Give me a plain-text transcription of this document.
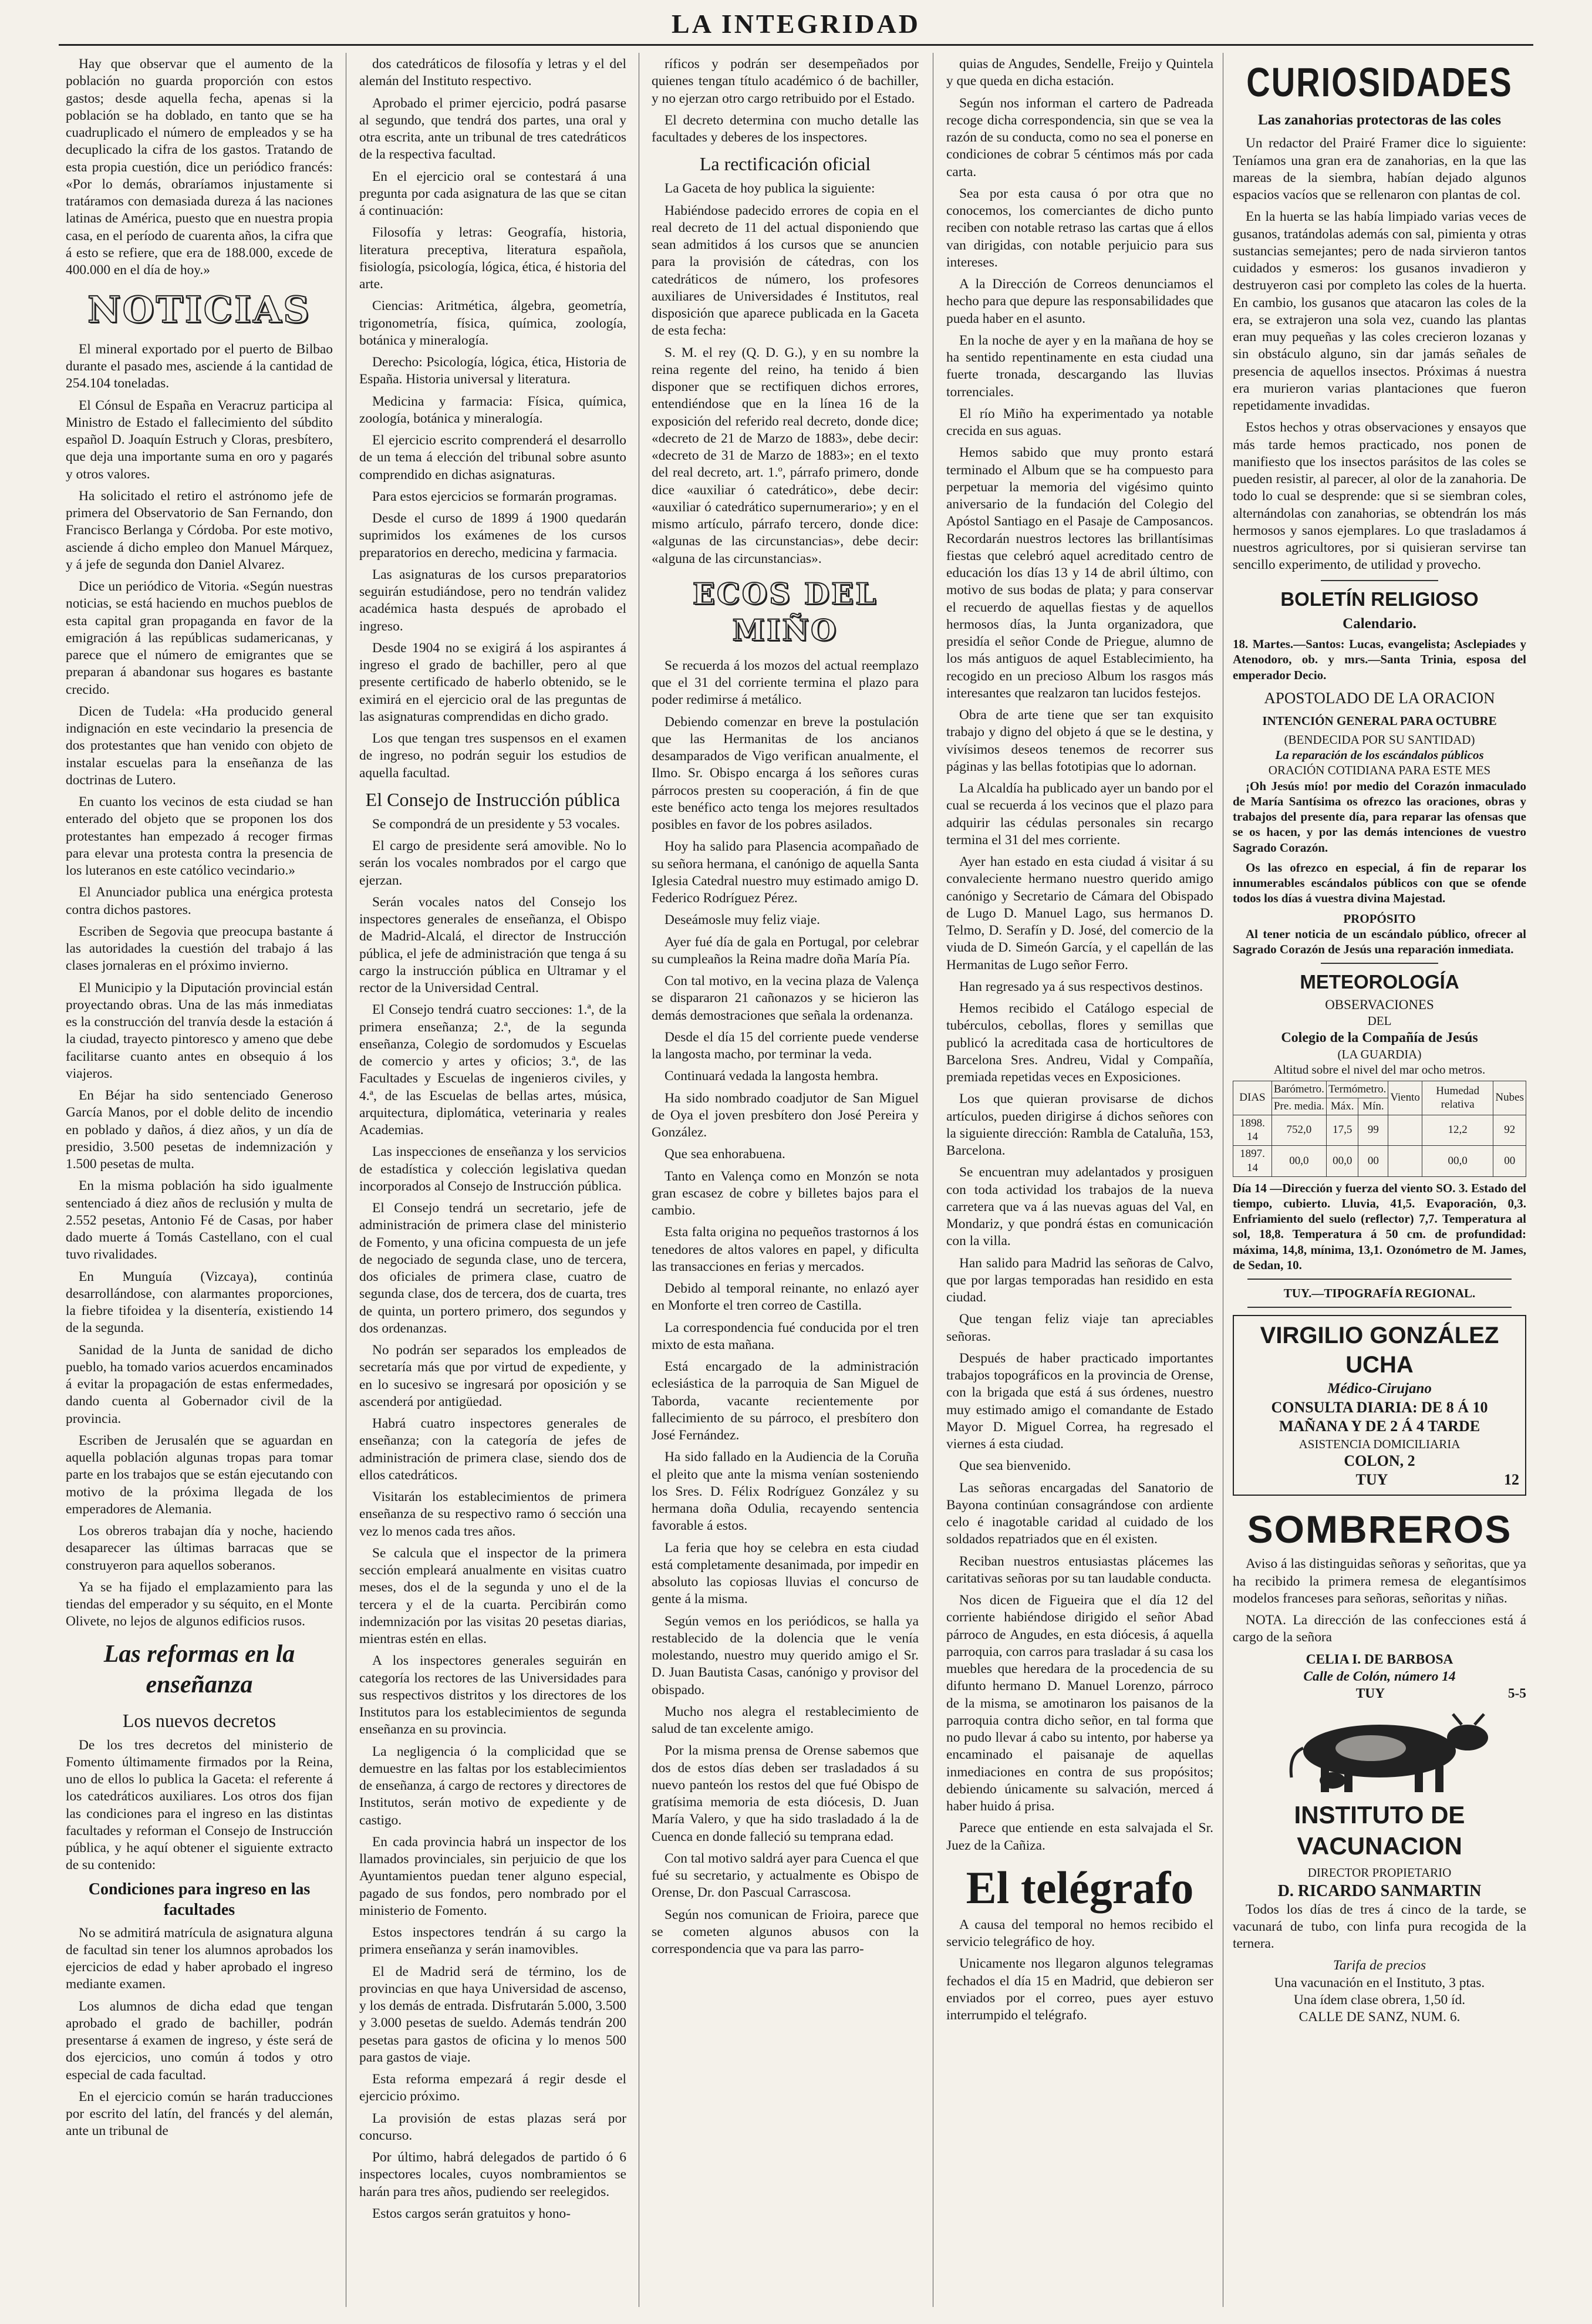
LA INTEGRIDAD

Hay que observar que el aumento de la población no guarda proporción con estos gastos; desde aquella fecha, apenas si la población se ha doblado, en tanto que se ha cuadruplicado el número de empleados y se ha decuplicado la cifra de los gastos. Tratando de esta propia cuestión, dice un periódico francés: «Por lo demás, obraríamos injustamente si tratáramos con demasiada dureza á las naciones latinas de América, puesto que en nuestra propia casa, en el período de cuarenta años, la cifra que á esto se refiere, que era de 188.000, excede de 400.000 en el día de hoy.»

NOTICIAS

El mineral exportado por el puerto de Bilbao durante el pasado mes, asciende á la cantidad de 254.104 toneladas.

El Cónsul de España en Veracruz participa al Ministro de Estado el fallecimiento del súbdito español D. Joaquín Estruch y Cloras, presbítero, que deja una importante suma en oro y pagarés y otros valores.

Ha solicitado el retiro el astrónomo jefe de primera del Observatorio de San Fernando, don Francisco Berlanga y Córdoba. Por este motivo, asciende á dicho empleo don Manuel Márquez, y á jefe de segunda don Daniel Alvarez.

Dice un periódico de Vitoria. «Según nuestras noticias, se está haciendo en muchos pueblos de esta capital gran propaganda en favor de la emigración á las repúblicas sudamericanas, y parece que el número de emigrantes que se preparan á abandonar sus hogares es bastante crecido.

Dicen de Tudela: «Ha producido general indignación en este vecindario la presencia de dos protestantes que han venido con objeto de instalar escuelas para la enseñanza de las doctrinas de Lutero.

En cuanto los vecinos de esta ciudad se han enterado del objeto que se proponen los dos protestantes han empezado á recoger firmas para elevar una protesta contra la presencia de los luteranos en este católico vecindario.»

El Anunciador publica una enérgica protesta contra dichos pastores.

Escriben de Segovia que preocupa bastante á las autoridades la cuestión del trabajo á las clases jornaleras en el próximo invierno.

El Municipio y la Diputación provincial están proyectando obras. Una de las más inmediatas es la construcción del tranvía desde la estación á la ciudad, trayecto pintoresco y ameno que debe facilitarse cuanto antes en obsequio á los viajeros.

En Béjar ha sido sentenciado Generoso García Manos, por el doble delito de incendio en poblado y daños, á diez años, y un día de presidio, 3.500 pesetas de indemnización y 1.500 pesetas de multa.

En la misma población ha sido igualmente sentenciado á diez años de reclusión y multa de 2.552 pesetas, Antonio Fé de Casas, por haber dado muerte á Tomás Castellano, con el cual tuvo rivalidades.

En Munguía (Vizcaya), continúa desarrollándose, con alarmantes proporciones, la fiebre tifoidea y la disentería, existiendo 14 de la segunda.

Sanidad de la Junta de sanidad de dicho pueblo, ha tomado varios acuerdos encaminados á evitar la propagación de estas enfermedades, dando cuenta al Gobernador civil de la provincia.

Escriben de Jerusalén que se aguardan en aquella población algunas tropas para tomar parte en los trabajos que se están ejecutando con motivo de la próxima llegada de los emperadores de Alemania.

Los obreros trabajan día y noche, haciendo desaparecer las últimas barracas que se construyeron para aquellos soberanos.

Ya se ha fijado el emplazamiento para las tiendas del emperador y su séquito, en el Monte Olivete, no lejos de algunos edificios rusos.

Las reformas en la enseñanza
Los nuevos decretos

De los tres decretos del ministerio de Fomento últimamente firmados por la Reina, uno de ellos lo publica la Gaceta: el referente á los catedráticos auxiliares. Los otros dos fijan las condiciones para el ingreso en las distintas facultades y reforman el Consejo de Instrucción pública, y he aquí obtener el siguiente extracto de su contenido:

Condiciones para ingreso en las facultades

No se admitirá matrícula de asignatura alguna de facultad sin tener los alumnos aprobados los ejercicios de edad y haber aprobado el ingreso mediante examen.

Los alumnos de dicha edad que tengan aprobado el grado de bachiller, podrán presentarse á examen de ingreso, y éste será de dos ejercicios, uno común á todos y otro especial de cada facultad.

En el ejercicio común se harán traducciones por escrito del latín, del francés y del alemán, ante un tribunal de

dos catedráticos de filosofía y letras y el del alemán del Instituto respectivo.

Aprobado el primer ejercicio, podrá pasarse al segundo, que tendrá dos partes, una oral y otra escrita, ante un tribunal de tres catedráticos de la respectiva facultad.

En el ejercicio oral se contestará á una pregunta por cada asignatura de las que se citan á continuación:

Filosofía y letras: Geografía, historia, literatura preceptiva, literatura española, fisiología, psicología, lógica, ética, é historia del arte.

Ciencias: Aritmética, álgebra, geometría, trigonometría, física, química, zoología, botánica y mineralogía.

Derecho: Psicología, lógica, ética, Historia de España. Historia universal y literatura.

Medicina y farmacia: Física, química, zoología, botánica y mineralogía.

El ejercicio escrito comprenderá el desarrollo de un tema á elección del tribunal sobre asunto comprendido en dichas asignaturas.

Para estos ejercicios se formarán programas.

Desde el curso de 1899 á 1900 quedarán suprimidos los exámenes de los cursos preparatorios en derecho, medicina y farmacia.

Las asignaturas de los cursos preparatorios seguirán estudiándose, pero no tendrán validez académica hasta después de aprobado el ingreso.

Desde 1904 no se exigirá á los aspirantes á ingreso el grado de bachiller, pero al que presente certificado de haberlo obtenido, se le eximirá en el ejercicio oral de las preguntas de las asignaturas comprendidas en dicho grado.

Los que tengan tres suspensos en el examen de ingreso, no podrán seguir los estudios de aquella facultad.

El Consejo de Instrucción pública

Se compondrá de un presidente y 53 vocales.

El cargo de presidente será amovible. No lo serán los vocales nombrados por el cargo que ejerzan.

Serán vocales natos del Consejo los inspectores generales de enseñanza, el Obispo de Madrid-Alcalá, el director de Instrucción pública, el jefe de administración que tenga á su cargo la instrucción pública en Ultramar y el rector de la Universidad Central.

El Consejo tendrá cuatro secciones: 1.ª, de la primera enseñanza; 2.ª, de la segunda enseñanza, Colegio de sordomudos y Escuelas de comercio y artes y oficios; 3.ª, de las Facultades y Escuelas de ingenieros civiles, y 4.ª, de las Escuelas de bellas artes, música, arquitectura, diplomática, veterinaria y reales Academias.

Las inspecciones de enseñanza y los servicios de estadística y colección legislativa quedan incorporados al Consejo de Instrucción pública.

El Consejo tendrá un secretario, jefe de administración de primera clase del ministerio de Fomento, y una oficina compuesta de un jefe de negociado de segunda clase, uno de tercera, dos oficiales de primera clase, cuatro de segunda clase, dos de tercera, dos de cuarta, tres de quinta, un portero primero, dos segundos y dos ordenanzas.

No podrán ser separados los empleados de secretaría más que por virtud de expediente, y en lo sucesivo se ingresará por oposición y se ascenderá por antigüedad.

Habrá cuatro inspectores generales de enseñanza; con la categoría de jefes de administración de primera clase, siendo dos de ellos catedráticos.

Visitarán los establecimientos de primera enseñanza de su respectivo ramo ó sección una vez lo menos cada tres años.

Se calcula que el inspector de la primera sección empleará anualmente en visitas cuatro meses, dos el de la segunda y uno el de la tercera y el de la cuarta. Percibirán como indemnización por las visitas 20 pesetas diarias, mientras estén en ellas.

A los inspectores generales seguirán en categoría los rectores de las Universidades para sus respectivos distritos y los directores de los Institutos para los establecimientos de segunda enseñanza en su provincia.

La negligencia ó la complicidad que se demuestre en las faltas por los establecimientos de enseñanza, á cargo de rectores y directores de Institutos, serán motivo de expediente y de castigo.

En cada provincia habrá un inspector de los llamados provinciales, sin perjuicio de que los Ayuntamientos puedan tener alguno especial, pagado de sus fondos, pero nombrado por el ministerio de Fomento.

Estos inspectores tendrán á su cargo la primera enseñanza y serán inamovibles.

El de Madrid será de término, los de provincias en que haya Universidad de ascenso, y los demás de entrada. Disfrutarán 5.000, 3.500 y 3.000 pesetas de sueldo. Además tendrán 200 pesetas para gastos de oficina y lo menos 500 para gastos de viaje.

Esta reforma empezará á regir desde el ejercicio próximo.

La provisión de estas plazas será por concurso.

Por último, habrá delegados de partido ó 6 inspectores locales, cuyos nombramientos se harán para tres años, pudiendo ser reelegidos.

Estos cargos serán gratuitos y hono-

ríficos y podrán ser desempeñados por quienes tengan título académico ó de bachiller, y no ejerzan otro cargo retribuido por el Estado.

El decreto determina con mucho detalle las facultades y deberes de los inspectores.

La rectificación oficial

La Gaceta de hoy publica la siguiente:

Habiéndose padecido errores de copia en el real decreto de 11 del actual disponiendo que sean admitidos á los cursos que se anuncien para la provisión de cátedras, con los catedráticos de número, los profesores auxiliares de Universidades é Institutos, real disposición que aparece publicada en la Gaceta de esta fecha:

S. M. el rey (Q. D. G.), y en su nombre la reina regente del reino, ha tenido á bien disponer que se rectifiquen dichos errores, entendiéndose que en la línea 16 de la exposición del referido real decreto, donde dice; «decreto de 21 de Marzo de 1883», debe decir: «decreto de 31 de Marzo de 1883»; en el texto del real decreto, art. 1.º, párrafo primero, donde dice «auxiliar ó catedrático», debe decir: «auxiliar ó catedrático supernumerario»; y en el mismo artículo, párrafo tercero, donde dice: «algunas de las circunstancias», debe decir: «alguna de las circunstancias».

ECOS DEL MIÑO

Se recuerda á los mozos del actual reemplazo que el 31 del corriente termina el plazo para poder redimirse á metálico.

Debiendo comenzar en breve la postulación que las Hermanitas de los ancianos desamparados de Vigo verifican anualmente, el Ilmo. Sr. Obispo encarga á los señores curas párrocos presten su cooperación, á fin de que este benéfico acto tenga los mejores resultados posibles en favor de los pobres asilados.

Hoy ha salido para Plasencia acompañado de su señora hermana, el canónigo de aquella Santa Iglesia Catedral nuestro muy estimado amigo D. Federico Rodríguez Pérez.

Deseámosle muy feliz viaje.

Ayer fué día de gala en Portugal, por celebrar su cumpleaños la Reina madre doña María Pía.

Con tal motivo, en la vecina plaza de Valença se dispararon 21 cañonazos y se hicieron las demás demostraciones que señala la ordenanza.

Desde el día 15 del corriente puede venderse la langosta macho, por terminar la veda.

Continuará vedada la langosta hembra.

Ha sido nombrado coadjutor de San Miguel de Oya el joven presbítero don José Pereira y González.

Que sea enhorabuena.

Tanto en Valença como en Monzón se nota gran escasez de cobre y billetes bajos para el cambio.

Esta falta origina no pequeños trastornos á los tenedores de altos valores en papel, y dificulta las transacciones en ferias y mercados.

Debido al temporal reinante, no enlazó ayer en Monforte el tren correo de Castilla.

La correspondencia fué conducida por el tren mixto de esta mañana.

Está encargado de la administración eclesiástica de la parroquia de San Miguel de Taborda, vacante recientemente por fallecimiento de su párroco, el presbítero don José Fernández.

Ha sido fallado en la Audiencia de la Coruña el pleito que ante la misma venían sosteniendo los Sres. D. Félix Rodríguez González y su hermana doña Odulia, recayendo sentencia favorable á estos.

La feria que hoy se celebra en esta ciudad está completamente desanimada, por impedir en absoluto las copiosas lluvias el concurso de gente á la misma.

Según vemos en los periódicos, se halla ya restablecido de la dolencia que le venía molestando, nuestro muy querido amigo el Sr. D. Juan Bautista Casas, canónigo y provisor del obispado.

Mucho nos alegra el restablecimiento de salud de tan excelente amigo.

Por la misma prensa de Orense sabemos que dos de estos días deben ser trasladados á su nuevo panteón los restos del que fué Obispo de gratísima memoria de esta diócesis, D. Juan María Valero, y que ha sido trasladado á la de Cuenca en donde falleció su temprana edad.

Con tal motivo saldrá ayer para Cuenca el que fué su secretario, y actualmente es Obispo de Orense, Dr. don Pascual Carrascosa.

Según nos comunican de Frioira, parece que se cometen algunos abusos con la correspondencia que va para las parro-

quias de Angudes, Sendelle, Freijo y Quintela y que queda en dicha estación.

Según nos informan el cartero de Padreada recoge dicha correspondencia, sin que se vea la razón de su conducta, como no sea el ponerse en condiciones de cobrar 5 céntimos más por cada carta.

Sea por esta causa ó por otra que no conocemos, los comerciantes de dicho punto reciben con notable retraso las cartas que á ellos van dirigidas, con notable perjuicio para sus intereses.

A la Dirección de Correos denunciamos el hecho para que depure las responsabilidades que pueda haber en el asunto.

En la noche de ayer y en la mañana de hoy se ha sentido repentinamente en esta ciudad una fuerte tronada, descargando las lluvias torrenciales.

El río Miño ha experimentado ya notable crecida en sus aguas.

Hemos sabido que muy pronto estará terminado el Album que se ha compuesto para perpetuar la memoria del vigésimo quinto aniversario de la fundación del Colegio del Apóstol Santiago en el Pasaje de Camposancos. Recordarán nuestros lectores las brillantísimas fiestas que celebró aquel acreditado centro de educación los días 13 y 14 de abril último, con motivo de sus bodas de plata; y para conservar el recuerdo de aquellas fiestas y de aquellos hermosos días, la Junta organizadora, que presidía el señor Conde de Priegue, alumno de los más antiguos de aquel Establecimiento, ha recogido en un precioso Album los rasgos más interesantes que realzaron tan lucidos festejos.

Obra de arte tiene que ser tan exquisito trabajo y digno del objeto á que se le destina, y vivísimos deseos tenemos de recorrer sus páginas y las bellas fototipias que lo adornan.

La Alcaldía ha publicado ayer un bando por el cual se recuerda á los vecinos que el plazo para adquirir las cédulas personales sin recargo termina el 31 del mes corriente.

Ayer han estado en esta ciudad á visitar á su convaleciente hermano nuestro querido amigo canónigo y Secretario de Cámara del Obispado de Lugo D. Manuel Lago, sus hermanos D. Telmo, D. Serafín y D. José, del comercio de la viuda de D. Simeón García, y el capellán de las Hermanitas de Lugo señor Ferro.

Han regresado ya á sus respectivos destinos.

Hemos recibido el Catálogo especial de tubérculos, cebollas, flores y semillas que publicó la acreditada casa de horticultores de Barcelona Sres. Andreu, Vidal y Compañía, premiada repetidas veces en Exposiciones.

Los que quieran provisarse de dichos artículos, pueden dirigirse á dichos señores con la siguiente dirección: Rambla de Cataluña, 153, Barcelona.

Se encuentran muy adelantados y prosiguen con toda actividad los trabajos de la nueva carretera que va á las nuevas aguas del Val, en Mondariz, y que pondrá éstas en comunicación con la villa.

Han salido para Madrid las señoras de Calvo, que por largas temporadas han residido en esta ciudad.

Que tengan feliz viaje tan apreciables señoras.

Después de haber practicado importantes trabajos topográficos en la provincia de Orense, con la brigada que está á sus órdenes, nuestro muy estimado amigo el comandante de Estado Mayor D. Miguel Correa, ha regresado el viernes á esta ciudad.

Que sea bienvenido.

Las señoras encargadas del Sanatorio de Bayona continúan consagrándose con ardiente celo é inagotable caridad al cuidado de los soldados repatriados que en él existen.

Reciban nuestros entusiastas plácemes las caritativas señoras por su tan laudable conducta.

Nos dicen de Figueira que el día 12 del corriente habiéndose dirigido el señor Abad párroco de Angudes, en esta diócesis, á aquella parroquia, con carros para trasladar á su casa los muebles que heredara de la procedencia de su difunto hermano D. Manuel Lorenzo, párroco de la misma, se amotinaron los paisanos de la parroquia contra dicho señor, en tal forma que no pudo llevar á cabo su intento, por haberse ya encaminado el paisanaje de aquellas inmediaciones en contra de sus propósitos; debiendo únicamente su salvación, merced á haber huido á prisa.

Parece que entiende en esta salvajada el Sr. Juez de la Cañiza.

El telégrafo

A causa del temporal no hemos recibido el servicio telegráfico de hoy.

Unicamente nos llegaron algunos telegramas fechados el día 15 en Madrid, que debieron ser enviados por el correo, pues ayer estuvo interrumpido el telégrafo.

CURIOSIDADES
Las zanahorias protectoras de las coles

Un redactor del Prairé Framer dice lo siguiente: Teníamos una gran era de zanahorias, en la que las mareas de la siembra, habían dejado algunos espacios vacíos que se rellenaron con plantas de col.

En la huerta se las había limpiado varias veces de gusanos, tratándolas además con sal, pimienta y otras sustancias semejantes; pero de nada sirvieron tantos cuidados y esmeros: los gusanos invadieron y destruyeron casi por completo las coles de la huerta. En cambio, los gusanos que atacaron las coles de la era, se extrajeron una sola vez, cuando las plantas eran muy pequeñas y las coles crecieron lozanas y sin obstáculo alguno, sin dar jamás señales de presencia de aquellos insectos. Próximas á nuestra era murieron varias plantaciones que fueron repetidamente invadidas.

Estos hechos y otras observaciones y ensayos que más tarde hemos practicado, nos ponen de manifiesto que los insectos parásitos de las coles se pueden resistir, al parecer, al olor de la zanahoria. De todo lo cual se desprende: que si se siembran coles, alternándolas con zanahorias, se obtendrán los más hermosos y sanos ejemplares. Lo que trasladamos á nuestros agricultores, por si quisieran servirse tan sencillo experimento, de utilidad y provecho.

BOLETÍN RELIGIOSO
Calendario.

18. Martes.—Santos: Lucas, evangelista; Asclepiades y Atenodoro, ob. y mrs.—Santa Trinia, esposa del emperador Decio.

APOSTOLADO DE LA ORACION
INTENCIÓN GENERAL PARA OCTUBRE
(BENDECIDA POR SU SANTIDAD)
La reparación de los escándalos públicos
ORACIÓN COTIDIANA PARA ESTE MES

¡Oh Jesús mío! por medio del Corazón inmaculado de María Santísima os ofrezco las oraciones, obras y trabajos del presente día, para reparar las ofensas que se os hacen, y por las demás intenciones de vuestro Sagrado Corazón.

Os las ofrezco en especial, á fin de reparar los innumerables escándalos públicos con que se ofende todos los días á vuestra divina Majestad.

PROPÓSITO

Al tener noticia de un escándalo público, ofrecer al Sagrado Corazón de Jesús una reparación inmediata.

METEOROLOGÍA
OBSERVACIONES
DEL
Colegio de la Compañía de Jesús
(LA GUARDIA)
Altitud sobre el nivel del mar ocho metros.
DIAS	Barómetro.	Termómetro.		Viento	Humedad relativa	Nubes
	Pre. media.	Máx.	Mín.			
1898. 14	752,0	17,5	99		12,2	92
1897. 14	00,0	00,0	00		00,0	00

Día 14 —Dirección y fuerza del viento SO. 3. Estado del tiempo, cubierto. Lluvia, 41,5. Evaporación, 0,3. Enfriamiento del suelo (reflector) 7,7. Temperatura al sol, 18,8. Temperatura á 50 cm. de profundidad: máxima, 14,8, mínima, 13,1. Ozonómetro de M. James, de Sedan, 10.

TUY.—TIPOGRAFÍA REGIONAL.
VIRGILIO GONZÁLEZ UCHA
Médico-Cirujano
CONSULTA DIARIA: DE 8 Á 10 MAÑANA Y DE 2 Á 4 TARDE
ASISTENCIA DOMICILIARIA
COLON, 2
TUY	12
SOMBREROS

Aviso á las distinguidas señoras y señoritas, que ya ha recibido la primera remesa de elegantísimos modelos franceses para señoras, señoritas y niñas.

NOTA. La dirección de las confecciones está á cargo de la señora

CELIA I. DE BARBOSA
Calle de Colón, número 14
TUY	5-5
INSTITUTO DE VACUNACION
DIRECTOR PROPIETARIO
D. RICARDO SANMARTIN

Todos los días de tres á cinco de la tarde, se vacunará de tubo, con linfa pura recogida de la ternera.

Tarifa de precios
Una vacunación en el Instituto, 3 ptas.
Una ídem clase obrera, 1,50 íd.
CALLE DE SANZ, NUM. 6.
